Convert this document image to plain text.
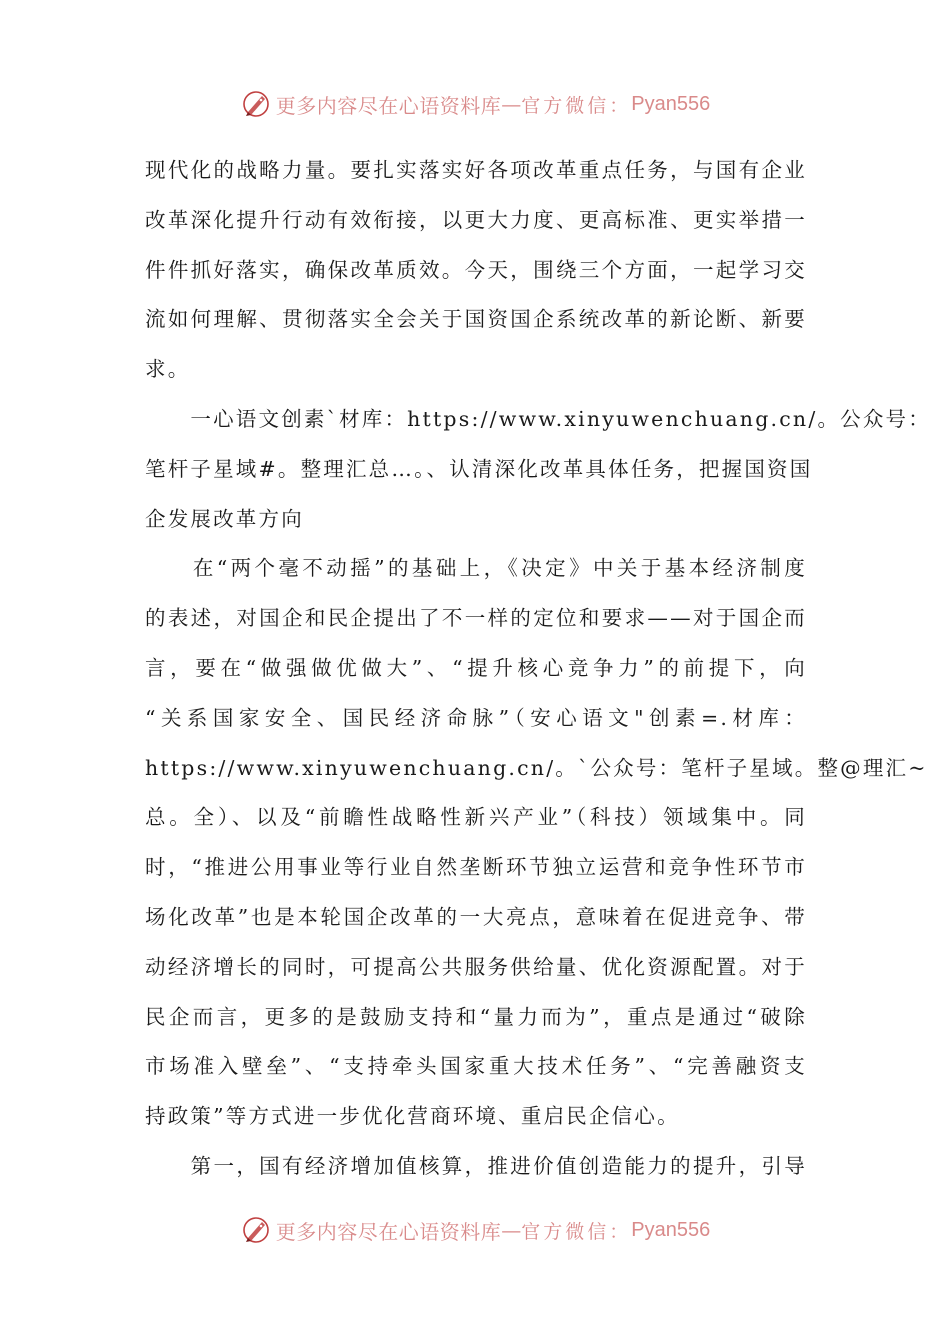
更多内容尽在心语资料库 — 官方微信： Pyan556
现代化的战略力量。要扎实落实好各项改革重点任务，与国有企业
改革深化提升行动有效衔接，以更大力度、更高标准、更实举措一
件件抓好落实，确保改革质效。今天，围绕三个方面，一起学习交
流如何理解、贯彻落实全会关于国资国企系统改革的新论断、新要
求。
　　一心语文创素`材库：https://www.xinyuwenchuang.cn/。公众号：
笔杆子星域#。整理汇总…。、认清深化改革具体任务，把握国资国
企发展改革方向
　　在“两个毫不动摇”的基础上，《决定》中关于基本经济制度
的表述，对国企和民企提出了不一样的定位和要求——对于国企而
言，要在“做强做优做大”、“提升核心竞争力”的前提下，向
“关系国家安全、国民经济命脉”（安心语文"创素=.材库：
https://www.xinyuwenchuang.cn/。`公众号：笔杆子星域。整@理汇~
总。全）、以及“前瞻性战略性新兴产业”（科技）领域集中。同
时，“推进公用事业等行业自然垄断环节独立运营和竞争性环节市
场化改革”也是本轮国企改革的一大亮点，意味着在促进竞争、带
动经济增长的同时，可提高公共服务供给量、优化资源配置。对于
民企而言，更多的是鼓励支持和“量力而为”，重点是通过“破除
市场准入壁垒”、“支持牵头国家重大技术任务”、“完善融资支
持政策”等方式进一步优化营商环境、重启民企信心。
　　第一，国有经济增加值核算，推进价值创造能力的提升，引导
更多内容尽在心语资料库 — 官方微信： Pyan556
